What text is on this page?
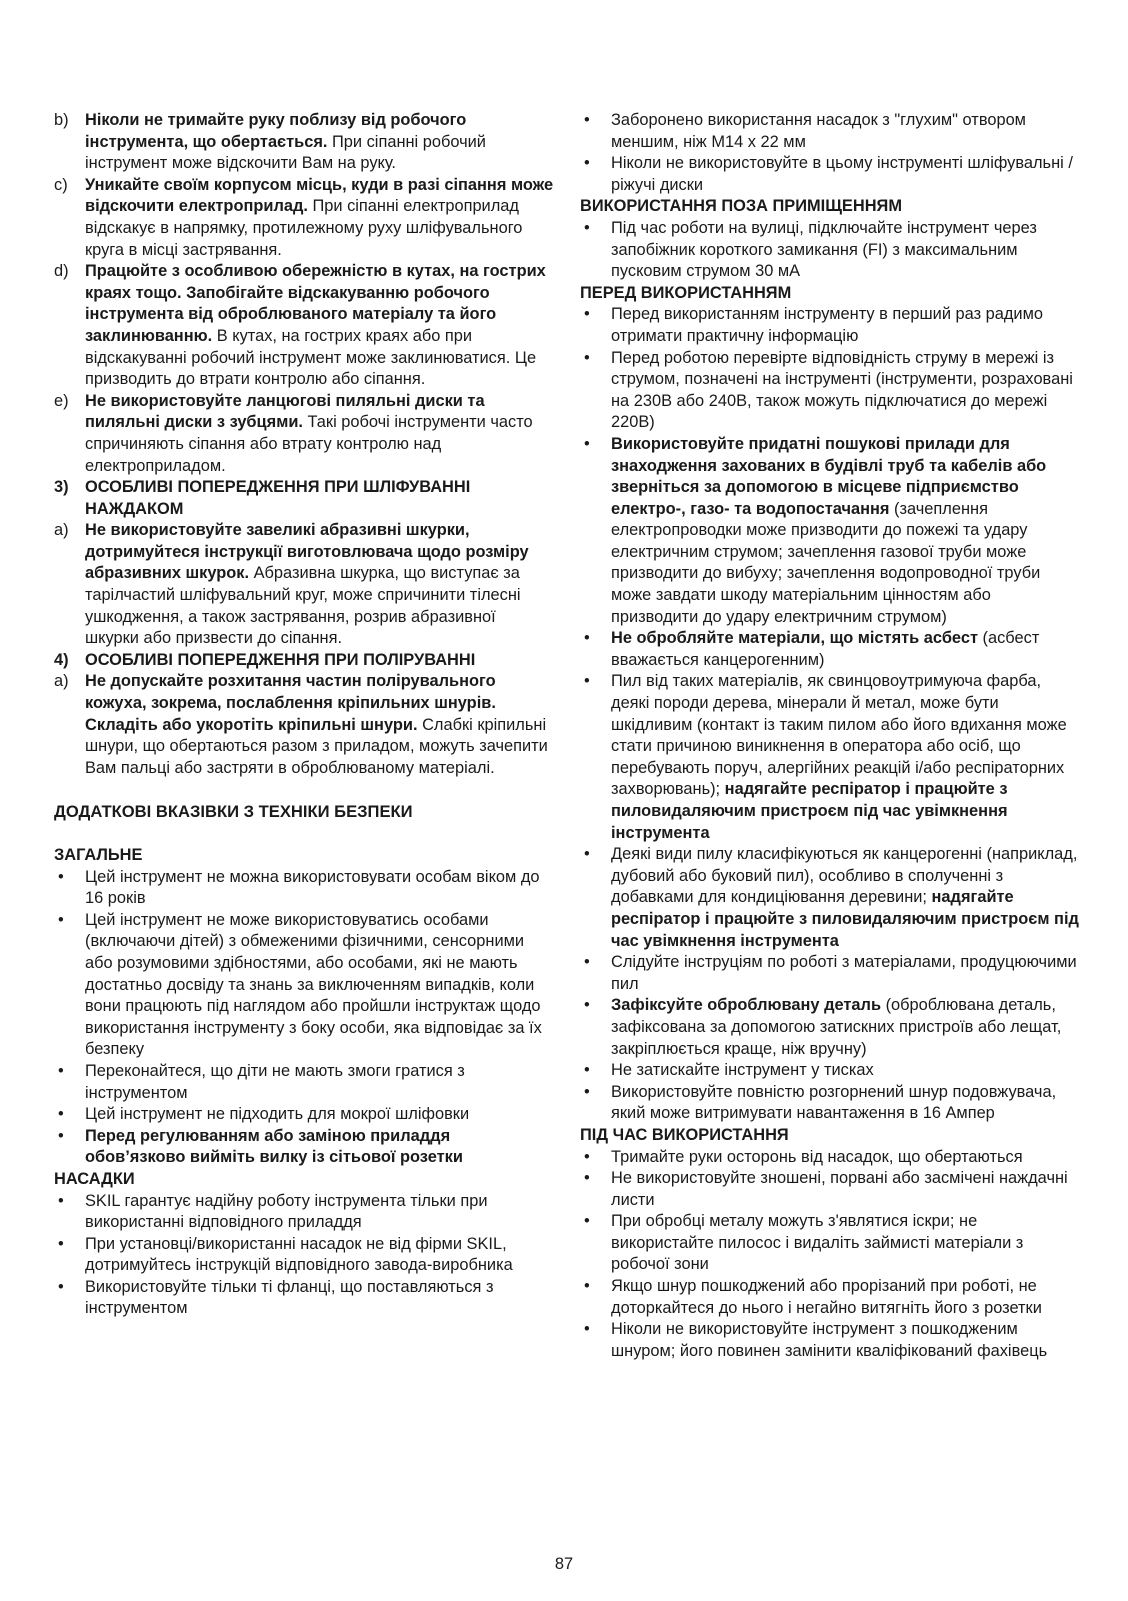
b) Ніколи не тримайте руку поблизу від робочого інструмента, що обертається. При сіпанні робочий інструмент може відскочити Вам на руку.

c) Уникайте своїм корпусом місць, куди в разі сіпання може відскочити електроприлад. При сіпанні електроприлад відскакує в напрямку, протилежному руху шліфувального круга в місці застрявання.

d) Працюйте з особливою обережністю в кутах, на гострих краях тощо. Запобігайте відскакуванню робочого інструмента від оброблюваного матеріалу та його заклинюванню. В кутах, на гострих краях або при відскакуванні робочий інструмент може заклинюватися. Це призводить до втрати контролю або сіпання.

e) Не використовуйте ланцюгові пиляльні диски та пиляльні диски з зубцями. Такі робочі інструменти часто спричиняють сіпання або втрату контролю над електроприладом.

3) ОСОБЛИВІ ПОПЕРЕДЖЕННЯ ПРИ ШЛІФУВАННІ НАЖДАКОМ

a) Не використовуйте завеликі абразивні шкурки, дотримуйтеся інструкції виготовлювача щодо розміру абразивних шкурок. Абразивна шкурка, що виступає за тарілчастий шліфувальний круг, може спричинити тілесні ушкодження, а також застрявання, розрив абразивної шкурки або призвести до сіпання.

4) ОСОБЛИВІ ПОПЕРЕДЖЕННЯ ПРИ ПОЛІРУВАННІ

a) Не допускайте розхитання частин полірувального кожуха, зокрема, послаблення кріпильних шнурів. Складіть або укоротіть кріпильні шнури. Слабкі кріпильні шнури, що обертаються разом з приладом, можуть зачепити Вам пальці або застряти в оброблюваному матеріалі.

ДОДАТКОВІ ВКАЗІВКИ З ТЕХНІКИ БЕЗПЕКИ

ЗАГАЛЬНЕ

• Цей інструмент не можна використовувати особам віком до 16 років

• Цей інструмент не може використовуватись особами (включаючи дітей) з обмеженими фізичними, сенсорними або розумовими здібностями, або особами, які не мають достатньо досвіду та знань за виключенням випадків, коли вони працюють під наглядом або пройшли інструктаж щодо використання інструменту з боку особи, яка відповідає за їх безпеку

• Переконайтеся, що діти не мають змоги гратися з інструментом

• Цей інструмент не підходить для мокрої шліфовки

• Перед регулюванням або заміною приладдя обов’язково вийміть вилку із сітьової розетки

НАСАДКИ

• SKIL гарантує надійну роботу інструмента тільки при використанні відповідного приладдя

• При установці/використанні насадок не від фірми SKIL, дотримуйтесь інструкцій відповідного завода-виробника

• Використовуйте тільки ті фланці, що поставляються з інструментом

• Заборонено використання насадок з "глухим" отвором меншим, ніж M14 x 22 мм

• Ніколи не використовуйте в цьому інструменті шліфувальні / ріжучі диски

ВИКОРИСТАННЯ ПОЗА ПРИМІЩЕННЯМ

• Під час роботи на вулиці, підключайте інструмент через запобіжник короткого замикання (FI) з максимальним пусковим струмом 30 мА

ПЕРЕД ВИКОРИСТАННЯМ

• Перед використанням інструменту в перший раз радимо отримати практичну інформацію

• Перед роботою перевірте відповідність струму в мережі із струмом, позначені на інструменті (інструменти, розраховані на 230В або 240В, також можуть підключатися до мережі 220В)

• Використовуйте придатні пошукові прилади для знаходження захованих в будівлі труб та кабелів або зверніться за допомогою в місцеве підприємство електро-, газо- та водопостачання (зачеплення електропроводки може призводити до пожежі та удару електричним струмом; зачеплення газової труби може призводити до вибуху; зачеплення водопроводної труби може завдати шкоду матеріальним цінностям або призводити до удару електричним струмом)

• Не обробляйте матеріали, що містять асбест (асбест вважається канцерогенним)

• Пил від таких матеріалів, як свинцовоутримуюча фарба, деякі породи дерева, мінерали й метал, може бути шкідливим (контакт із таким пилом або його вдихання може стати причиною виникнення в оператора або осіб, що перебувають поруч, алергійних реакцій і/або респіраторних захворювань); надягайте респіратор і працюйте з пиловидаляючим пристроєм під час увімкнення інструмента

• Деякі види пилу класифікуються як канцерогенні (наприклад, дубовий або буковий пил), особливо в сполученні з добавками для кондиціювання деревини; надягайте респіратор і працюйте з пиловидаляючим пристроєм під час увімкнення інструмента

• Слідуйте інструціям по роботі з матеріалами, продуцюючими пил

• Зафіксуйте оброблювану деталь (оброблювана деталь, зафіксована за допомогою затискних пристроїв або лещат, закріплюється краще, ніж вручну)

• Не затискайте інструмент у тисках

• Використовуйте повністю розгорнений шнур подовжувача, який може витримувати навантаження в 16 Ампер

ПІД ЧАС ВИКОРИСТАННЯ

• Тримайте руки осторонь від насадок, що обертаються

• Не використовуйте зношені, порвані або засмічені наждачні листи

• При обробці металу можуть з'являтися іскри; не використайте пилосос і видаліть займисті матеріали з робочої зони

• Якщо шнур пошкоджений або прорізаний при роботі, не доторкайтеся до нього і негайно витягніть його з розетки

• Ніколи не використовуйте інструмент з пошкодженим шнуром; його повинен замінити кваліфікований фахівець

87
